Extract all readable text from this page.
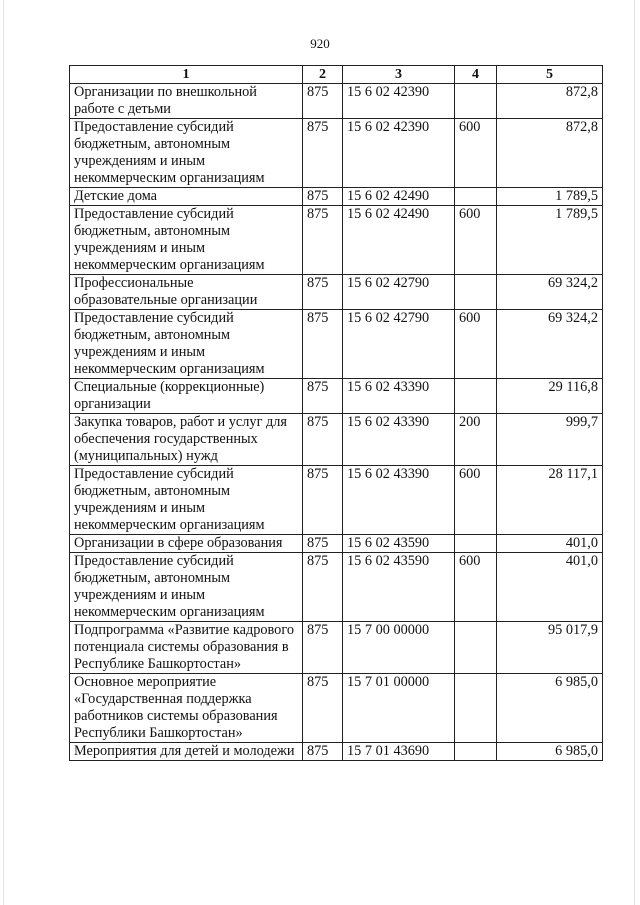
920
1	2	3	4	5
Организации по внешкольной работе с детьми	875	15 6 02 42390		872,8
Предоставление субсидий бюджетным, автономным учреждениям и иным некоммерческим организациям	875	15 6 02 42390	600	872,8
Детские дома	875	15 6 02 42490		1 789,5
Предоставление субсидий бюджетным, автономным учреждениям и иным некоммерческим организациям	875	15 6 02 42490	600	1 789,5
Профессиональные образовательные организации	875	15 6 02 42790		69 324,2
Предоставление субсидий бюджетным, автономным учреждениям и иным некоммерческим организациям	875	15 6 02 42790	600	69 324,2
Специальные (коррекционные) организации	875	15 6 02 43390		29 116,8
Закупка товаров, работ и услуг для обеспечения государственных (муниципальных) нужд	875	15 6 02 43390	200	999,7
Предоставление субсидий бюджетным, автономным учреждениям и иным некоммерческим организациям	875	15 6 02 43390	600	28 117,1
Организации в сфере образования	875	15 6 02 43590		401,0
Предоставление субсидий бюджетным, автономным учреждениям и иным некоммерческим организациям	875	15 6 02 43590	600	401,0
Подпрограмма «Развитие кадрового потенциала системы образования в Республике Башкортостан»	875	15 7 00 00000		95 017,9
Основное мероприятие «Государственная поддержка работников системы образования Республики Башкортостан»	875	15 7 01 00000		6 985,0
Мероприятия для детей и молодежи	875	15 7 01 43690		6 985,0
